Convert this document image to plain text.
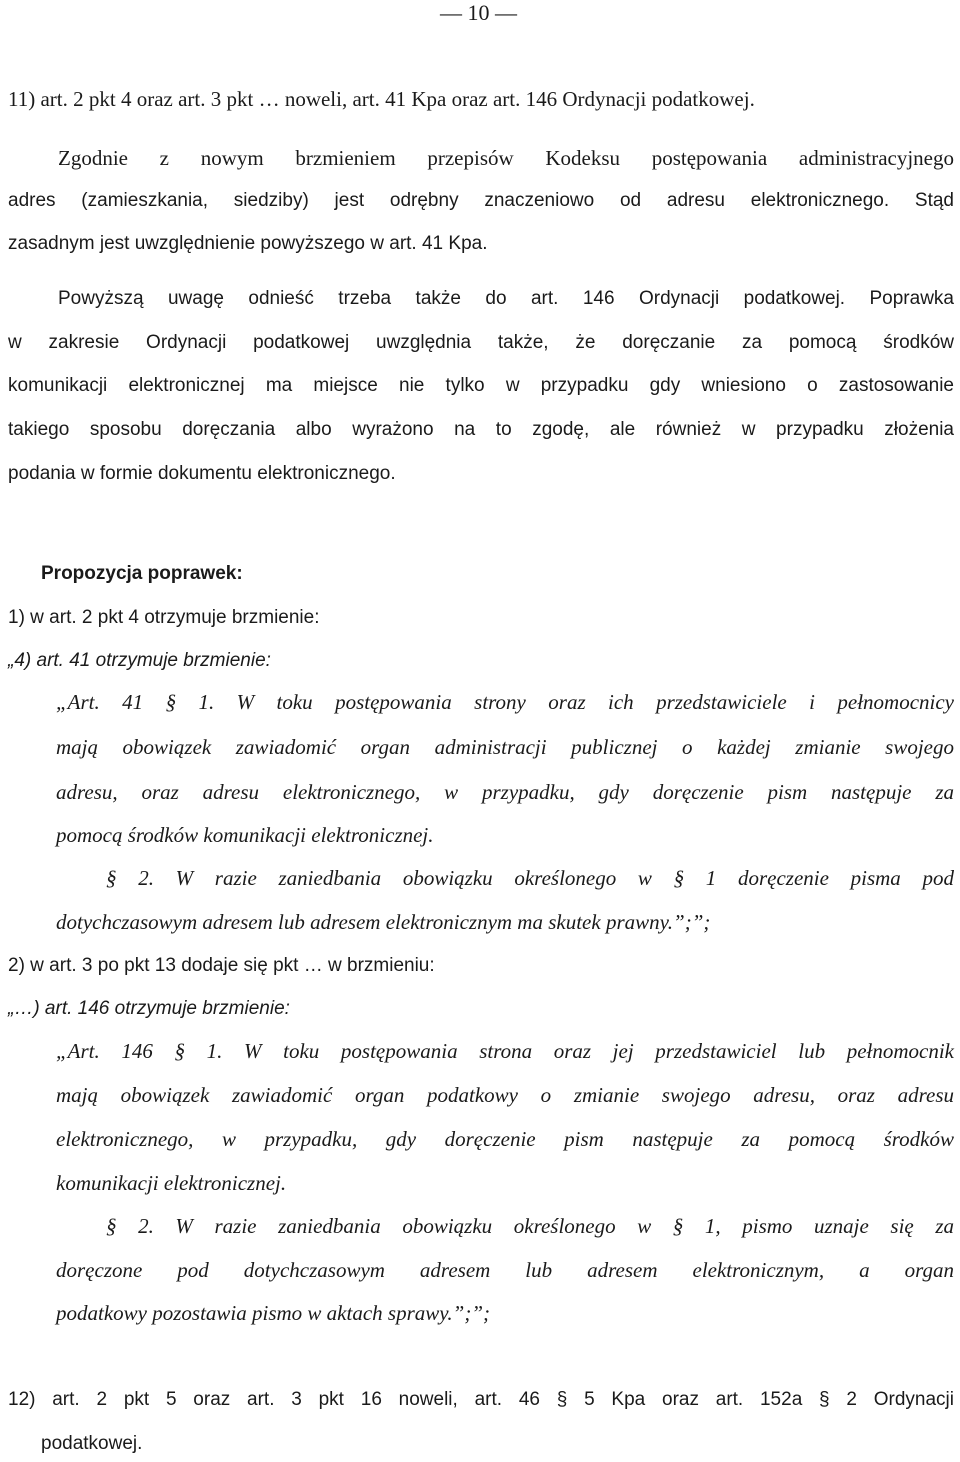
— 10 —
11) art. 2 pkt 4 oraz art. 3 pkt … noweli, art. 41 Kpa oraz art. 146 Ordynacji podatkowej.
Zgodnie z nowym brzmieniem przepisów Kodeksu postępowania administracyjnego
adres (zamieszkania, siedziby) jest odrębny znaczeniowo od adresu elektronicznego. Stąd
zasadnym jest uwzględnienie powyższego w art. 41 Kpa.
Powyższą uwagę odnieść trzeba także do art. 146 Ordynacji podatkowej. Poprawka
w zakresie Ordynacji podatkowej uwzględnia także, że doręczanie za pomocą środków
komunikacji elektronicznej ma miejsce nie tylko w przypadku gdy wniesiono o zastosowanie
takiego sposobu doręczania albo wyrażono na to zgodę, ale również w przypadku złożenia
podania w formie dokumentu elektronicznego.
Propozycja poprawek:
1) w art. 2 pkt 4 otrzymuje brzmienie:
„4) art. 41 otrzymuje brzmienie:
„Art. 41 § 1. W toku postępowania strony oraz ich przedstawiciele i pełnomocnicy
mają obowiązek zawiadomić organ administracji publicznej o każdej zmianie swojego
adresu, oraz adresu elektronicznego, w przypadku, gdy doręczenie pism następuje za
pomocą środków komunikacji elektronicznej.
§ 2. W razie zaniedbania obowiązku określonego w § 1 doręczenie pisma pod
dotychczasowym adresem lub adresem elektronicznym ma skutek prawny.”;”;
2) w art. 3 po pkt 13 dodaje się pkt … w brzmieniu:
„…) art. 146 otrzymuje brzmienie:
„Art. 146 § 1. W toku postępowania strona oraz jej przedstawiciel lub pełnomocnik
mają obowiązek zawiadomić organ podatkowy o zmianie swojego adresu, oraz adresu
elektronicznego, w przypadku, gdy doręczenie pism następuje za pomocą środków
komunikacji elektronicznej.
§ 2. W razie zaniedbania obowiązku określonego w § 1, pismo uznaje się za
doręczone pod dotychczasowym adresem lub adresem elektronicznym, a organ
podatkowy pozostawia pismo w aktach sprawy.”;”;
12) art. 2 pkt 5 oraz art. 3 pkt 16 noweli, art. 46 § 5 Kpa oraz art. 152a § 2 Ordynacji
podatkowej.
